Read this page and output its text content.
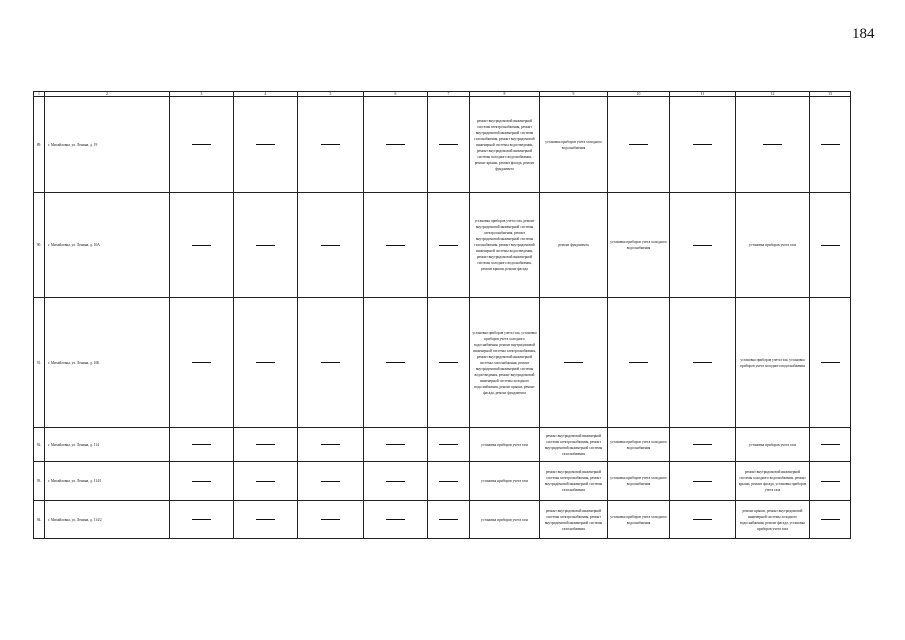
184
1	2	3	4	5	6	7	8	9	10	11	12	13
89.	г. Михайловка, ул. Ленина, д. 19						ремонт внутридомовой инженерной системы электроснабжения, ремонт внутридомовой инженерной системы газоснабжения, ремонт внутридомовой инженерной системы водоотведения, ремонт внутридомовой инженерной системы холодного водоснабжения, ремонт крыши, ремонт фасада, ремонт фундамента	установка приборов учета холодного водоснабжения				
90.	г. Михайловка, ул. Ленина, д. 10А						установка приборов учета газа, ремонт внутридомовой инженерной системы электроснабжения, ремонт внутридомовой инженерной системы газоснабжения, ремонт внутридомовой инженерной системы водоотведения, ремонт внутридомовой инженерной системы холодного водоснабжения, ремонт крыши, ремонт фасада	ремонт фундамента	установка приборов учета холодного водоснабжения		установка приборов учета газа	
91.	г. Михайловка, ул. Ленина, д. 10Б						установка приборов учета газа, установка приборов учета холодного водоснабжения, ремонт внутридомовой инженерной системы электроснабжения, ремонт внутридомовой инженерной системы газоснабжения, ремонт внутридомовой инженерной системы водоотведения, ремонт внутридомовой инженерной системы холодного водоснабжения, ремонт крыши, ремонт фасада, ремонт фундамента				установка приборов учета газа, установка приборов учета холодного водоснабжения	
92.	г. Михайловка, ул. Ленина, д. 114						установка приборов учета газа	ремонт внутридомовой инженерной системы электроснабжения, ремонт внутридомовой инженерной системы газоснабжения	установка приборов учета холодного водоснабжения		установка приборов учета газа	
93.	г. Михайловка, ул. Ленина, д. 114/1						установка приборов учета газа	ремонт внутридомовой инженерной системы электроснабжения, ремонт внутридомовой инженерной системы газоснабжения	установка приборов учета холодного водоснабжения		ремонт внутридомовой инженерной системы холодного водоснабжения, ремонт крыши, ремонт фасада, установка приборов учета газа	
94.	г. Михайловка, ул. Ленина, д. 114/2						установка приборов учета газа	ремонт внутридомовой инженерной системы электроснабжения, ремонт внутридомовой инженерной системы газоснабжения	установка приборов учета холодного водоснабжения		ремонт крыши, ремонт внутридомовой инженерной системы холодного водоснабжения, ремонт фасада, установка приборов учета газа	
